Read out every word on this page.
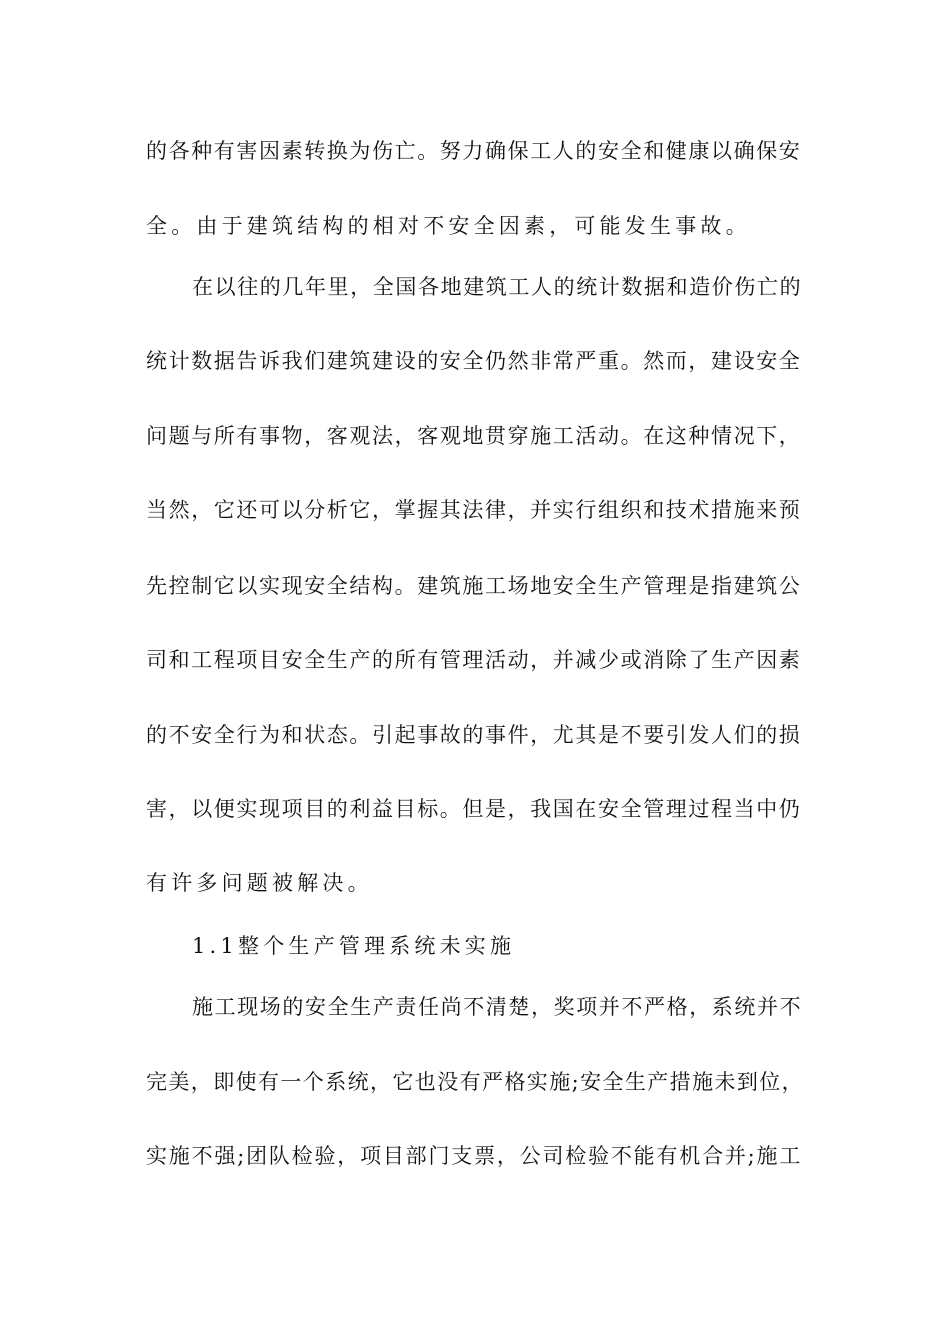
的各种有害因素转换为伤亡。努力确保工人的安全和健康以确保安
全。由于建筑结构的相对不安全因素，可能发生事故。
在以往的几年里，全国各地建筑工人的统计数据和造价伤亡的
统计数据告诉我们建筑建设的安全仍然非常严重。然而，建设安全
问题与所有事物，客观法，客观地贯穿施工活动。在这种情况下，
当然，它还可以分析它，掌握其法律，并实行组织和技术措施来预
先控制它以实现安全结构。建筑施工场地安全生产管理是指建筑公
司和工程项目安全生产的所有管理活动，并减少或消除了生产因素
的不安全行为和状态。引起事故的事件，尤其是不要引发人们的损
害，以便实现项目的利益目标。但是，我国在安全管理过程当中仍
有许多问题被解决。
1.1整个生产管理系统未实施
施工现场的安全生产责任尚不清楚，奖项并不严格，系统并不
完美，即使有一个系统，它也没有严格实施;安全生产措施未到位，
实施不强;团队检验，项目部门支票，公司检验不能有机合并;施工
